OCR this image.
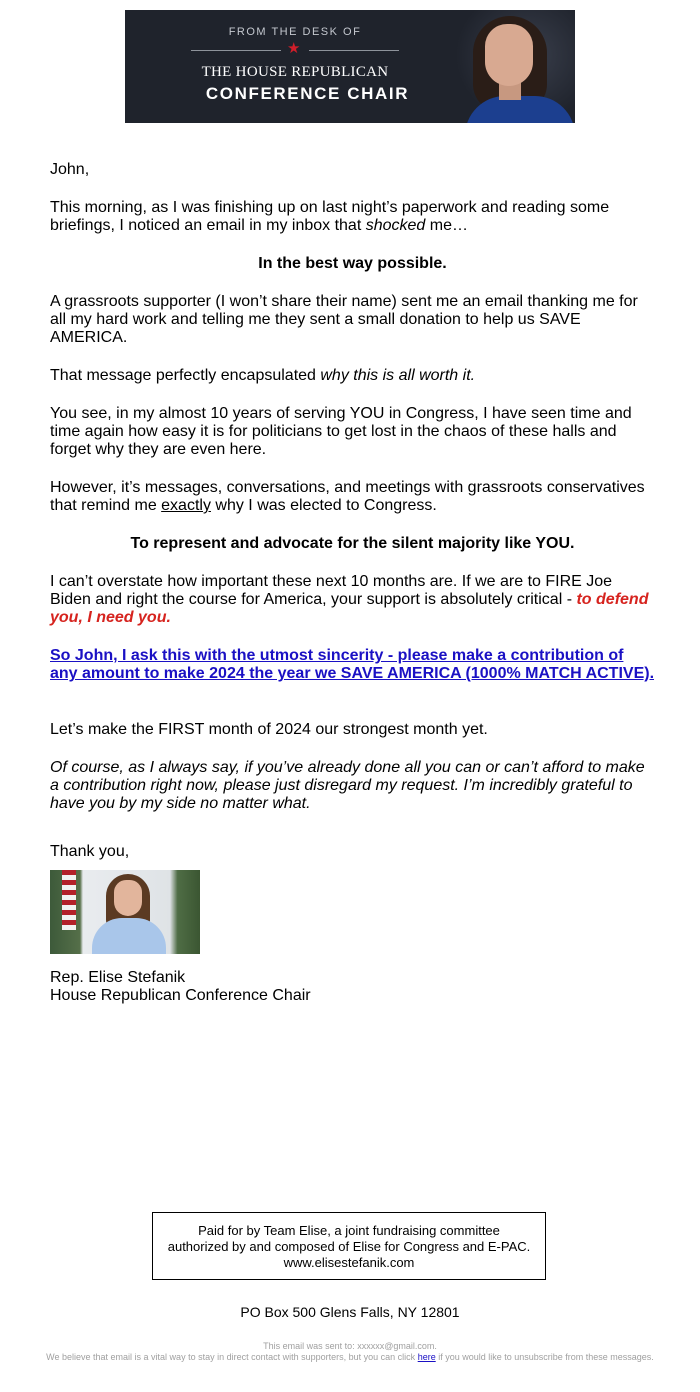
FROM THE DESK OF
★
THE HOUSE REPUBLICAN
CONFERENCE CHAIR

John,

This morning, as I was finishing up on last night’s paperwork and reading some briefings, I noticed an email in my inbox that shocked me…

In the best way possible.

A grassroots supporter (I won’t share their name) sent me an email thanking me for all my hard work and telling me they sent a small donation to help us SAVE AMERICA.

That message perfectly encapsulated why this is all worth it.

You see, in my almost 10 years of serving YOU in Congress, I have seen time and time again how easy it is for politicians to get lost in the chaos of these halls and forget why they are even here.

However, it’s messages, conversations, and meetings with grassroots conservatives that remind me exactly why I was elected to Congress.

To represent and advocate for the silent majority like YOU.

I can’t overstate how important these next 10 months are. If we are to FIRE Joe Biden and right the course for America, your support is absolutely critical - to defend you, I need you.

So John, I ask this with the utmost sincerity - please make a contribution of any amount to make 2024 the year we SAVE AMERICA (1000% MATCH ACTIVE).

Let’s make the FIRST month of 2024 our strongest month yet.

Of course, as I always say, if you’ve already done all you can or can’t afford to make a contribution right now, please just disregard my request. I’m incredibly grateful to have you by my side no matter what.

Thank you,

Rep. Elise Stefanik

House Republican Conference Chair

Paid for by Team Elise, a joint fundraising committee authorized by and composed of Elise for Congress and E-PAC. www.elisestefanik.com
PO Box 500 Glens Falls, NY 12801
This email was sent to: xxxxxx@gmail.com.
We believe that email is a vital way to stay in direct contact with supporters, but you can click here if you would like to unsubscribe from these messages.
